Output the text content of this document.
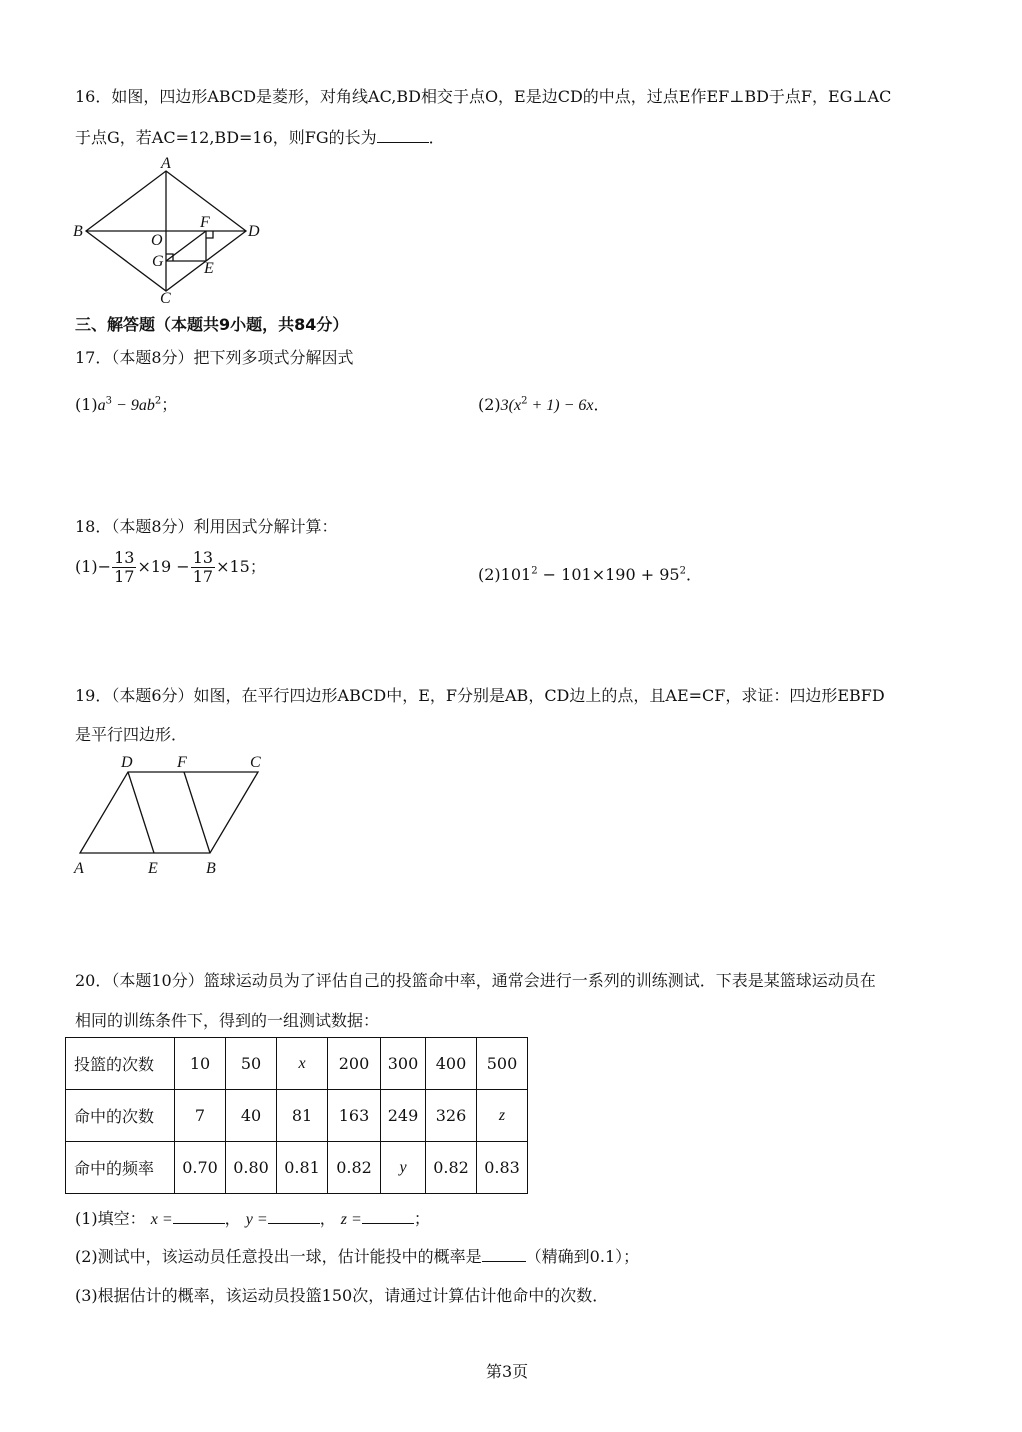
16．如图，四边形ABCD是菱形，对角线AC,BD相交于点O，E是边CD的中点，过点E作EF⊥BD于点F，EG⊥AC
于点G，若AC=12,BD=16，则FG的长为	．
A
B
C
D
O
F
G	E
三、解答题（本题共9小题，共84分）
17．（本题8分）把下列多项式分解因式
$(1)a^3 - 9ab^2$；	$(2)3(x^2 + 1) - 6x$．
18．（本题8分）利用因式分解计算：
$(1)- \frac{13}{17} \times 19 - \frac{13}{17} \times 15$；	$(2)101^2 - 101\times 190 + 95^2$．
19．（本题6分）如图，在平行四边形ABCD中，E，F分别是AB，CD边上的点，且AE=CF，求证：四边形EBFD
是平行四边形．
D	F	C
A	E	B
20．（本题10分）篮球运动员为了评估自己的投篮命中率，通常会进行一系列的训练测试．下表是某篮球运动员在
相同的训练条件下，得到的一组测试数据：
投篮的次数	10	50	x	200	300	400	500
命中的次数	7	40	81	163	249	326	z
命中的频率	0.70	0.80	0.81	0.82	y	0.82	0.83
(1)填空： x =	， y =	， z =	；
(2)测试中，该运动员任意投出一球，估计能投中的概率是	（精确到0.1）；
(3)根据估计的概率，该运动员投篮150次，请通过计算估计他命中的次数．
第3页
